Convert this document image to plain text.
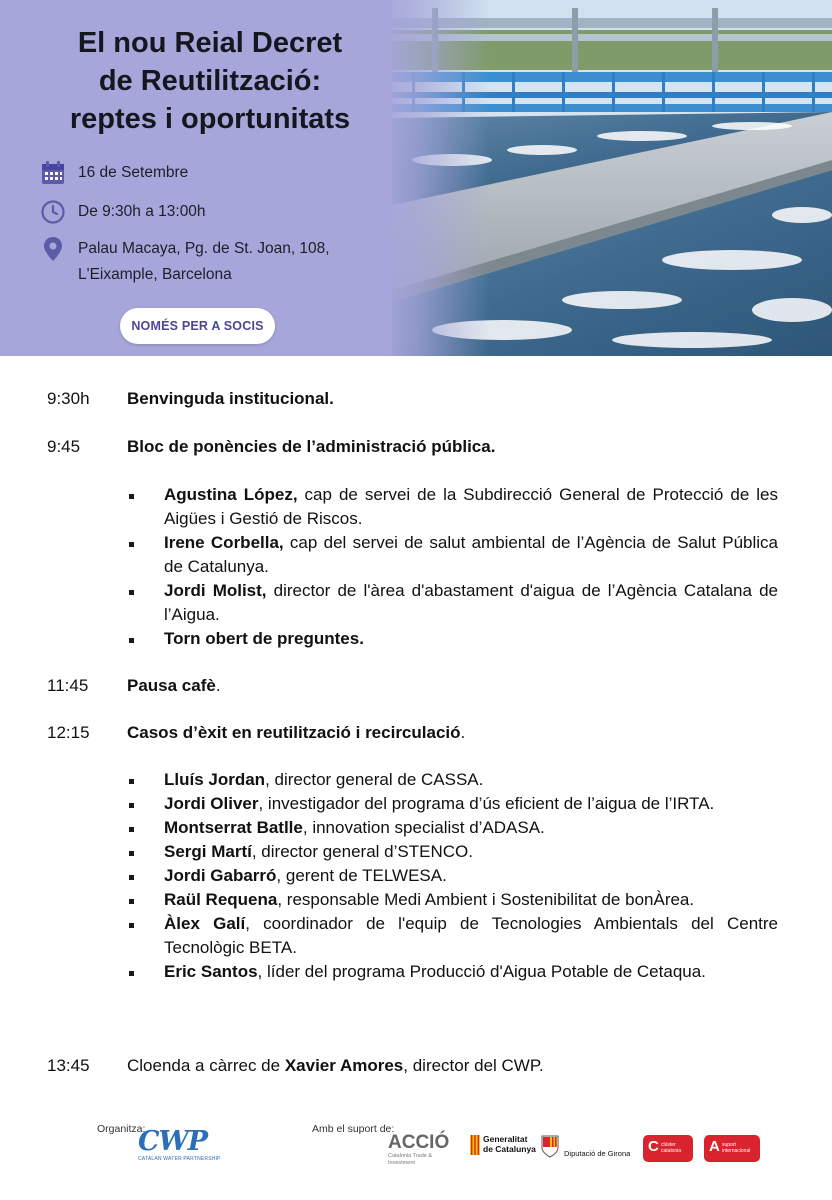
El nou Reial Decret
de Reutilització:
reptes i oportunitats
16 de Setembre
De 9:30h a 13:00h
Palau Macaya, Pg. de St. Joan, 108,
L'Eixample, Barcelona
NOMÉS PER A SOCIS
9:30h Benvinguda institucional.
9:45	Bloc de ponències de l’administració pública.
Agustina López, cap de servei de la Subdirecció General de Protecció de les Aigües i Gestió de Riscos.
Irene Corbella, cap del servei de salut ambiental de l’Agència de Salut Pública de Catalunya.
Jordi Molist, director de l'àrea d'abastament d'aigua de l’Agència Catalana de l’Aigua.
Torn obert de preguntes.
11:45 Pausa cafè.
12:15 Casos d’èxit en reutilització i recirculació.
Lluís Jordan, director general de CASSA.
Jordi Oliver, investigador del programa d’ús eficient de l’aigua de l’IRTA.
Montserrat Batlle, innovation specialist d’ADASA.
Sergi Martí, director general d’STENCO.
Jordi Gabarró, gerent de TELWESA.
Raül Requena, responsable Medi Ambient i Sostenibilitat de bonÀrea.
Àlex Galí, coordinador de l'equip de Tecnologies Ambientals del Centre Tecnològic BETA.
Eric Santos, líder del programa Producció d'Aigua Potable de Cetaqua.
13:45 Cloenda a càrrec de Xavier Amores, director del CWP.
Organitza:
CWP
CATALAN WATER PARTNERSHIP
Amb el suport de:
ACCIÓ
Catalonia Trade & Investment
Generalitat
de Catalunya	Diputació de Girona C clúster catalonia	A suport internacional
